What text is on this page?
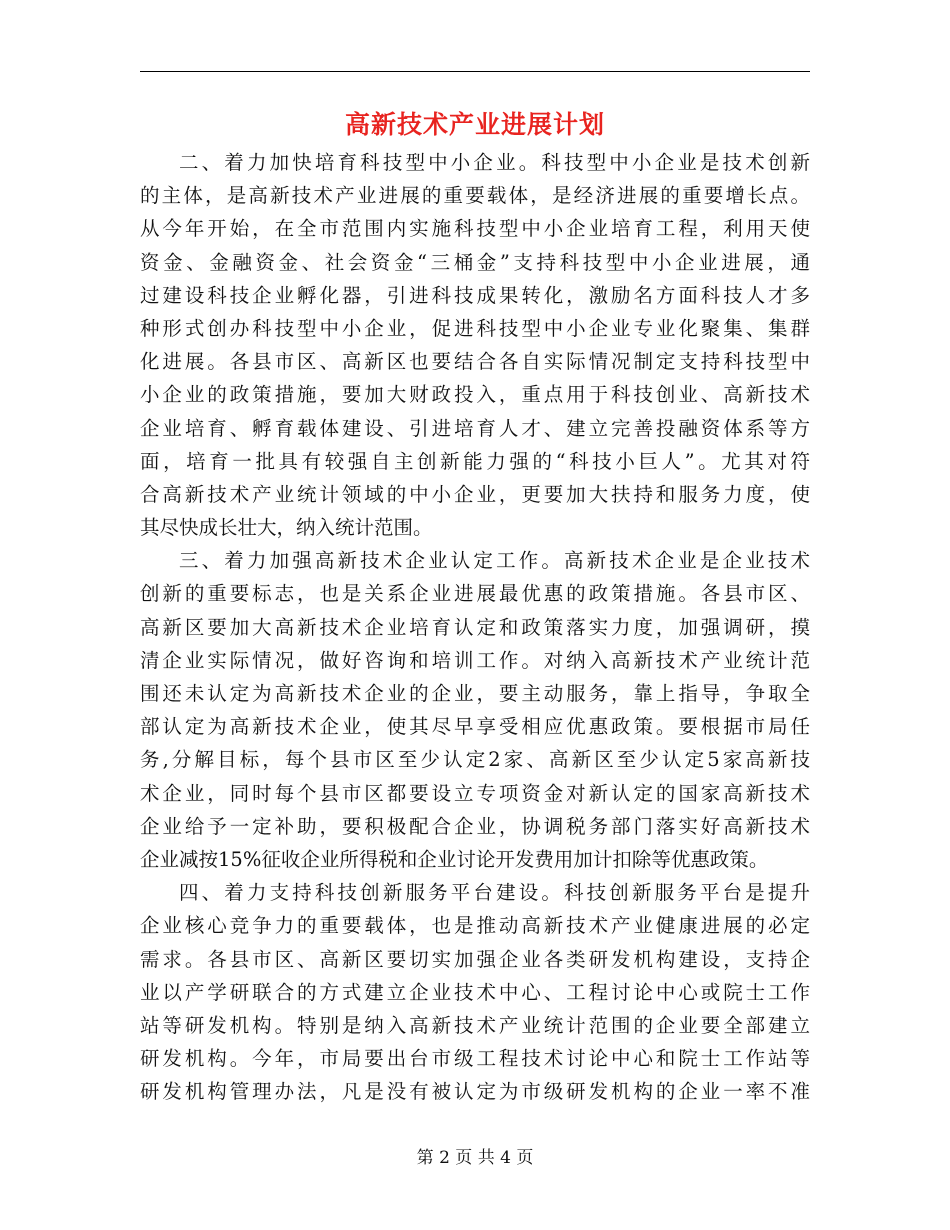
高新技术产业进展计划
二、着力加快培育科技型中小企业。科技型中小企业是技术创新
的主体，是高新技术产业进展的重要载体，是经济进展的重要增长点。
从今年开始，在全市范围内实施科技型中小企业培育工程，利用天使
资金、金融资金、社会资金“三桶金”支持科技型中小企业进展，通
过建设科技企业孵化器，引进科技成果转化，激励名方面科技人才多
种形式创办科技型中小企业，促进科技型中小企业专业化聚集、集群
化进展。各县市区、高新区也要结合各自实际情况制定支持科技型中
小企业的政策措施，要加大财政投入，重点用于科技创业、高新技术
企业培育、孵育载体建设、引进培育人才、建立完善投融资体系等方
面，培育一批具有较强自主创新能力强的“科技小巨人”。尤其对符
合高新技术产业统计领域的中小企业，更要加大扶持和服务力度，使
其尽快成长壮大，纳入统计范围。
三、着力加强高新技术企业认定工作。高新技术企业是企业技术
创新的重要标志，也是关系企业进展最优惠的政策措施。各县市区、
高新区要加大高新技术企业培育认定和政策落实力度，加强调研，摸
清企业实际情况，做好咨询和培训工作。对纳入高新技术产业统计范
围还未认定为高新技术企业的企业，要主动服务，靠上指导，争取全
部认定为高新技术企业，使其尽早享受相应优惠政策。要根据市局任
务,分解目标，每个县市区至少认定2家、高新区至少认定5家高新技
术企业，同时每个县市区都要设立专项资金对新认定的国家高新技术
企业给予一定补助，要积极配合企业，协调税务部门落实好高新技术
企业减按15%征收企业所得税和企业讨论开发费用加计扣除等优惠政策。
四、着力支持科技创新服务平台建设。科技创新服务平台是提升
企业核心竞争力的重要载体，也是推动高新技术产业健康进展的必定
需求。各县市区、高新区要切实加强企业各类研发机构建设，支持企
业以产学研联合的方式建立企业技术中心、工程讨论中心或院士工作
站等研发机构。特别是纳入高新技术产业统计范围的企业要全部建立
研发机构。今年，市局要出台市级工程技术讨论中心和院士工作站等
研发机构管理办法，凡是没有被认定为市级研发机构的企业一率不准
第 2 页 共 4 页
